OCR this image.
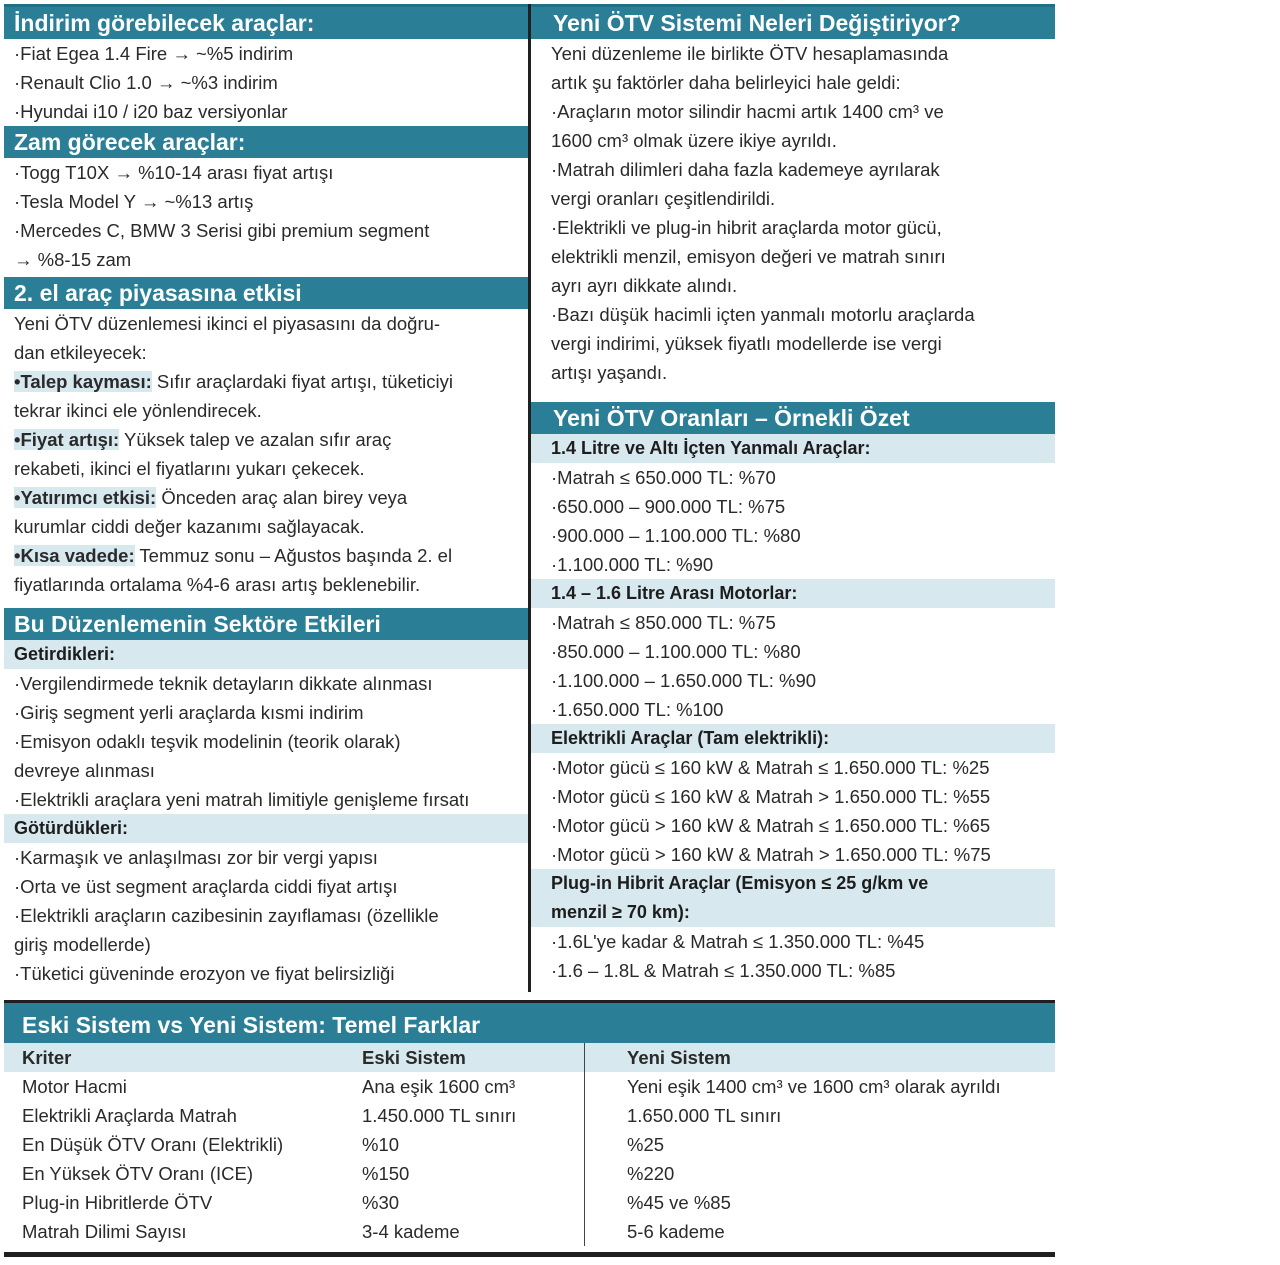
İndirim görebilecek araçlar:
·Fiat Egea 1.4 Fire → ~%5 indirim
·Renault Clio 1.0 → ~%3 indirim
·Hyundai i10 / i20 baz versiyonlar
Zam görecek araçlar:
·Togg T10X → %10-14 arası fiyat artışı
·Tesla Model Y → ~%13 artış
·Mercedes C, BMW 3 Serisi gibi premium segment
→ %8-15 zam
2. el araç piyasasına etkisi
Yeni ÖTV düzenlemesi ikinci el piyasasını da doğru-
dan etkileyecek:
•Talep kayması: Sıfır araçlardaki fiyat artışı, tüketiciyi
tekrar ikinci ele yönlendirecek.
•Fiyat artışı: Yüksek talep ve azalan sıfır araç
rekabeti, ikinci el fiyatlarını yukarı çekecek.
•Yatırımcı etkisi: Önceden araç alan birey veya
kurumlar ciddi değer kazanımı sağlayacak.
•Kısa vadede: Temmuz sonu – Ağustos başında 2. el
fiyatlarında ortalama %4-6 arası artış beklenebilir.
Bu Düzenlemenin Sektöre Etkileri
Getirdikleri:
·Vergilendirmede teknik detayların dikkate alınması
·Giriş segment yerli araçlarda kısmi indirim
·Emisyon odaklı teşvik modelinin (teorik olarak)
devreye alınması
·Elektrikli araçlara yeni matrah limitiyle genişleme fırsatı
Götürdükleri:
·Karmaşık ve anlaşılması zor bir vergi yapısı
·Orta ve üst segment araçlarda ciddi fiyat artışı
·Elektrikli araçların cazibesinin zayıflaması (özellikle
giriş modellerde)
·Tüketici güveninde erozyon ve fiyat belirsizliği
Yeni ÖTV Sistemi Neleri Değiştiriyor?
Yeni düzenleme ile birlikte ÖTV hesaplamasında
artık şu faktörler daha belirleyici hale geldi:
·Araçların motor silindir hacmi artık 1400 cm³ ve
1600 cm³ olmak üzere ikiye ayrıldı.
·Matrah dilimleri daha fazla kademeye ayrılarak
vergi oranları çeşitlendirildi.
·Elektrikli ve plug-in hibrit araçlarda motor gücü,
elektrikli menzil, emisyon değeri ve matrah sınırı
ayrı ayrı dikkate alındı.
·Bazı düşük hacimli içten yanmalı motorlu araçlarda
vergi indirimi, yüksek fiyatlı modellerde ise vergi
artışı yaşandı.
Yeni ÖTV Oranları – Örnekli Özet
1.4 Litre ve Altı İçten Yanmalı Araçlar:
·Matrah ≤ 650.000 TL: %70
·650.000 – 900.000 TL: %75
·900.000 – 1.100.000 TL: %80
·1.100.000 TL: %90
1.4 – 1.6 Litre Arası Motorlar:
·Matrah ≤ 850.000 TL: %75
·850.000 – 1.100.000 TL: %80
·1.100.000 – 1.650.000 TL: %90
·1.650.000 TL: %100
Elektrikli Araçlar (Tam elektrikli):
·Motor gücü ≤ 160 kW & Matrah ≤ 1.650.000 TL: %25
·Motor gücü ≤ 160 kW & Matrah > 1.650.000 TL: %55
·Motor gücü > 160 kW & Matrah ≤ 1.650.000 TL: %65
·Motor gücü > 160 kW & Matrah > 1.650.000 TL: %75
Plug-in Hibrit Araçlar (Emisyon ≤ 25 g/km ve
menzil ≥ 70 km):
·1.6L'ye kadar & Matrah ≤ 1.350.000 TL: %45
·1.6 – 1.8L & Matrah ≤ 1.350.000 TL: %85
Eski Sistem vs Yeni Sistem: Temel Farklar
Kriter	Eski Sistem	Yeni Sistem
Motor Hacmi	Ana eşik 1600 cm³	Yeni eşik 1400 cm³ ve 1600 cm³ olarak ayrıldı
Elektrikli Araçlarda Matrah	1.450.000 TL sınırı	1.650.000 TL sınırı
En Düşük ÖTV Oranı (Elektrikli)	%10	%25
En Yüksek ÖTV Oranı (ICE)	%150	%220
Plug-in Hibritlerde ÖTV	%30	%45 ve %85
Matrah Dilimi Sayısı	3-4 kademe	5-6 kademe
